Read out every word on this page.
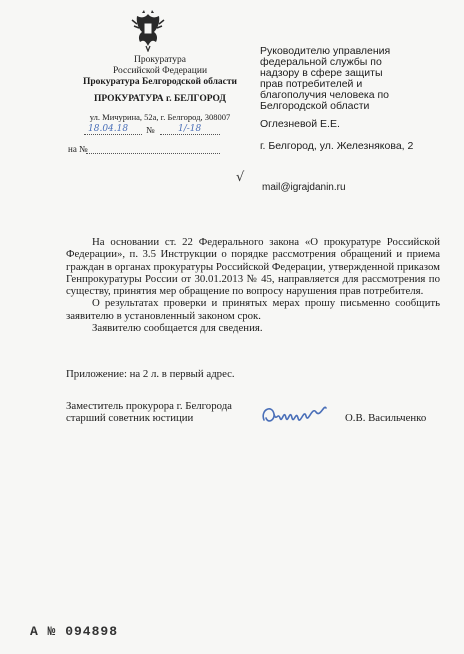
Прокуратура
Российской Федерации
Прокуратура Белгородской области
ПРОКУРАТУРА г. БЕЛГОРОД
ул. Мичурина, 52а, г. Белгород, 308007
18.04.18 №	1/-18
на №
Руководителю управления
федеральной службы по
надзору в сфере защиты
прав потребителей и
благополучия человека по
Белгородской области
Оглезневой Е.Е.
г. Белгород, ул. Железнякова, 2
√
mail@igrajdanin.ru

На основании ст. 22 Федерального закона «О прокуратуре Российской Федерации», п. 3.5 Инструкции о порядке рассмотрения обращений и приема граждан в органах прокуратуры Российской Федерации, утвержденной приказом Генпрокуратуры России от 30.01.2013 № 45, направляется для рассмотрения по существу, принятия мер обращение по вопросу нарушения прав потребителя.

О результатах проверки и принятых мерах прошу письменно сообщить заявителю в установленный законом срок.

Заявителю сообщается для сведения.

Приложение: на 2 л. в первый адрес.
Заместитель прокурора г. Белгорода
старший советник юстиции	О.В. Васильченко
А № 094898
